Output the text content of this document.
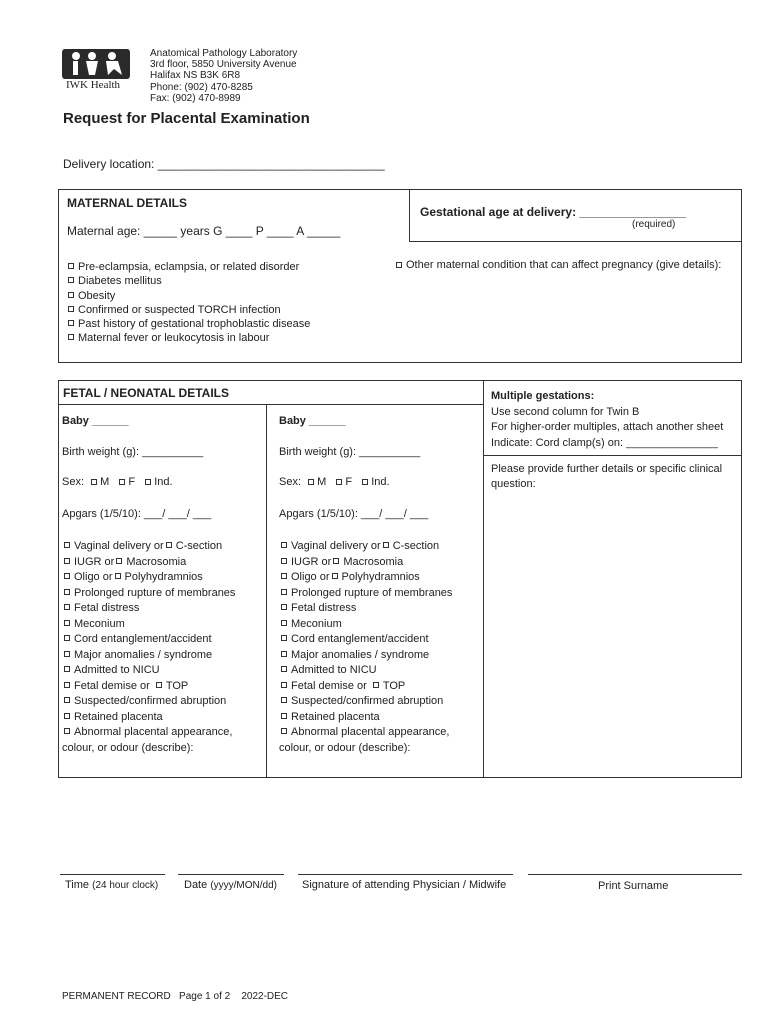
IWK Health
Anatomical Pathology Laboratory
3rd floor, 5850 University Avenue
Halifax NS B3K 6R8
Phone: (902) 470-8285
Fax: (902) 470-8989
Request for Placental Examination
Delivery location: __________________________________
MATERNAL DETAILS
Maternal age: _____ years G ____ P ____ A _____
Gestational age at delivery: ________________
(required)
Pre-eclampsia, eclampsia, or related disorder
Diabetes mellitus
Obesity
Confirmed or suspected TORCH infection
Past history of gestational trophoblastic disease
Maternal fever or leukocytosis in labour
Other maternal condition that can affect pregnancy (give details):
FETAL / NEONATAL DETAILS
Baby ______
Birth weight (g): __________
Sex: M F Ind.
Apgars (1/5/10): ___/ ___/ ___
Vaginal delivery or C-section
IUGR or Macrosomia
Oligo or Polyhydramnios
Prolonged rupture of membranes
Fetal distress
Meconium
Cord entanglement/accident
Major anomalies / syndrome
Admitted to NICU
Fetal demise or TOP
Suspected/confirmed abruption
Retained placenta
Abnormal placental appearance,
colour, or odour (describe):
Baby ______
Birth weight (g): __________
Sex: M F Ind.
Apgars (1/5/10): ___/ ___/ ___
Vaginal delivery or C-section
IUGR or Macrosomia
Oligo or Polyhydramnios
Prolonged rupture of membranes
Fetal distress
Meconium
Cord entanglement/accident
Major anomalies / syndrome
Admitted to NICU
Fetal demise or TOP
Suspected/confirmed abruption
Retained placenta
Abnormal placental appearance,
colour, or odour (describe):
Multiple gestations:
Use second column for Twin B
For higher-order multiples, attach another sheet
Indicate: Cord clamp(s) on: _______________
Please provide further details or specific clinical question:
Time (24 hour clock) Date (yyyy/MON/dd) Signature of attending Physician / Midwife	Print Surname
PERMANENT RECORD   Page 1 of 2    2022-DEC
